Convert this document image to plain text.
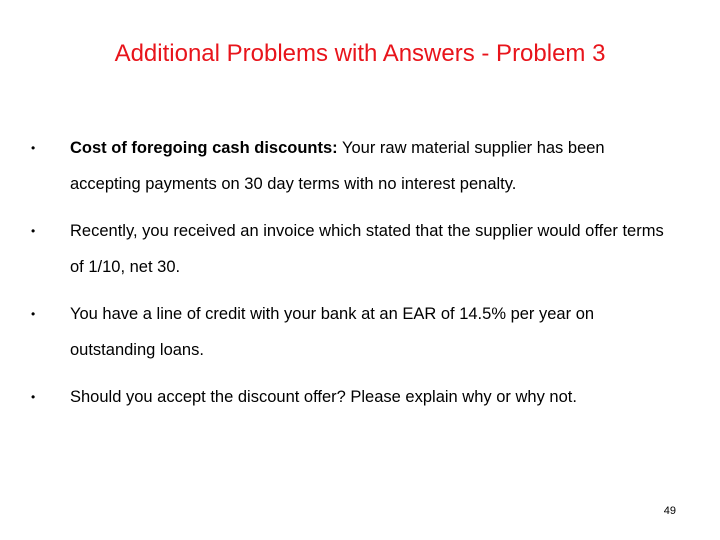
Additional Problems with Answers - Problem 3
• Cost of foregoing cash discounts: Your raw material supplier has been accepting payments on 30 day terms with no interest penalty.
• Recently, you received an invoice which stated that the supplier would offer terms of 1/10, net 30.
• You have a line of credit with your bank at an EAR of 14.5% per year on outstanding loans.
• Should you accept the discount offer? Please explain why or why not.
49
